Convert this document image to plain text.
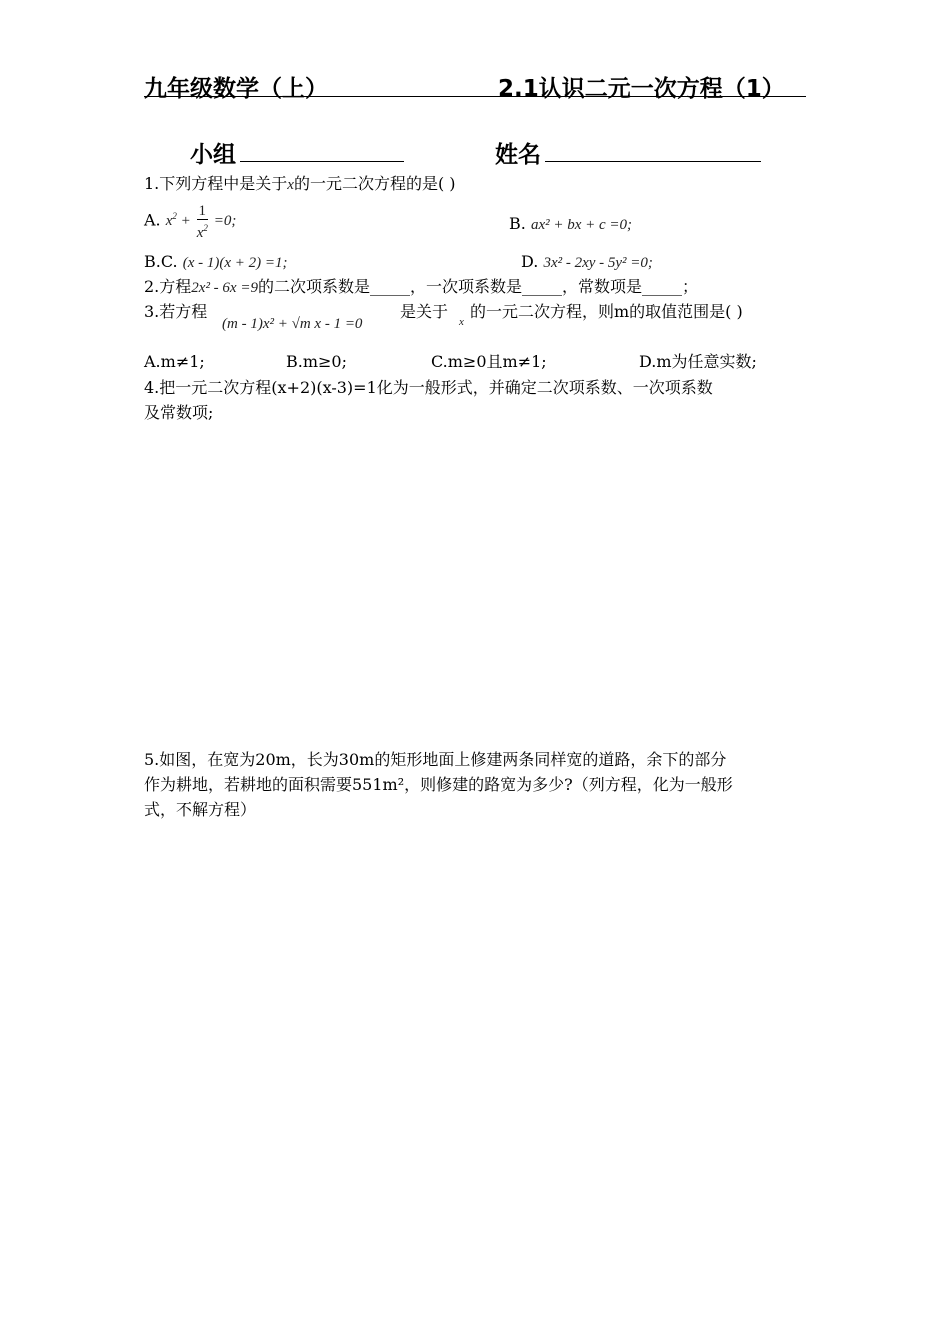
九年级数学（上）	2.1认识二元一次方程（1）
小组	姓名
1.下列方程中是关于x的一元二次方程的是( )
A. $x^2 + \frac{1}{x^2} =0$;	B. ax² + bx + c =0;
B.C. (x - 1)(x + 2) =1;	D. 3x² - 2xy - 5y² =0;
2.方程2x² - 6x =9的二次项系数是_____，一次项系数是_____，常数项是_____；
3.若方程
(m - 1)x² + √m x - 1 =0
是关于
x
的一元二次方程，则m的取值范围是( )
A.m≠1;	B.m≥0;	C.m≥0且m≠1;	D.m为任意实数;
4.把一元二次方程(x+2)(x-3)=1化为一般形式，并确定二次项系数、一次项系数
及常数项;
5.如图，在宽为20m，长为30m的矩形地面上修建两条同样宽的道路，余下的部分
作为耕地，若耕地的面积需要551m²，则修建的路宽为多少?（列方程，化为一般形
式，不解方程）
